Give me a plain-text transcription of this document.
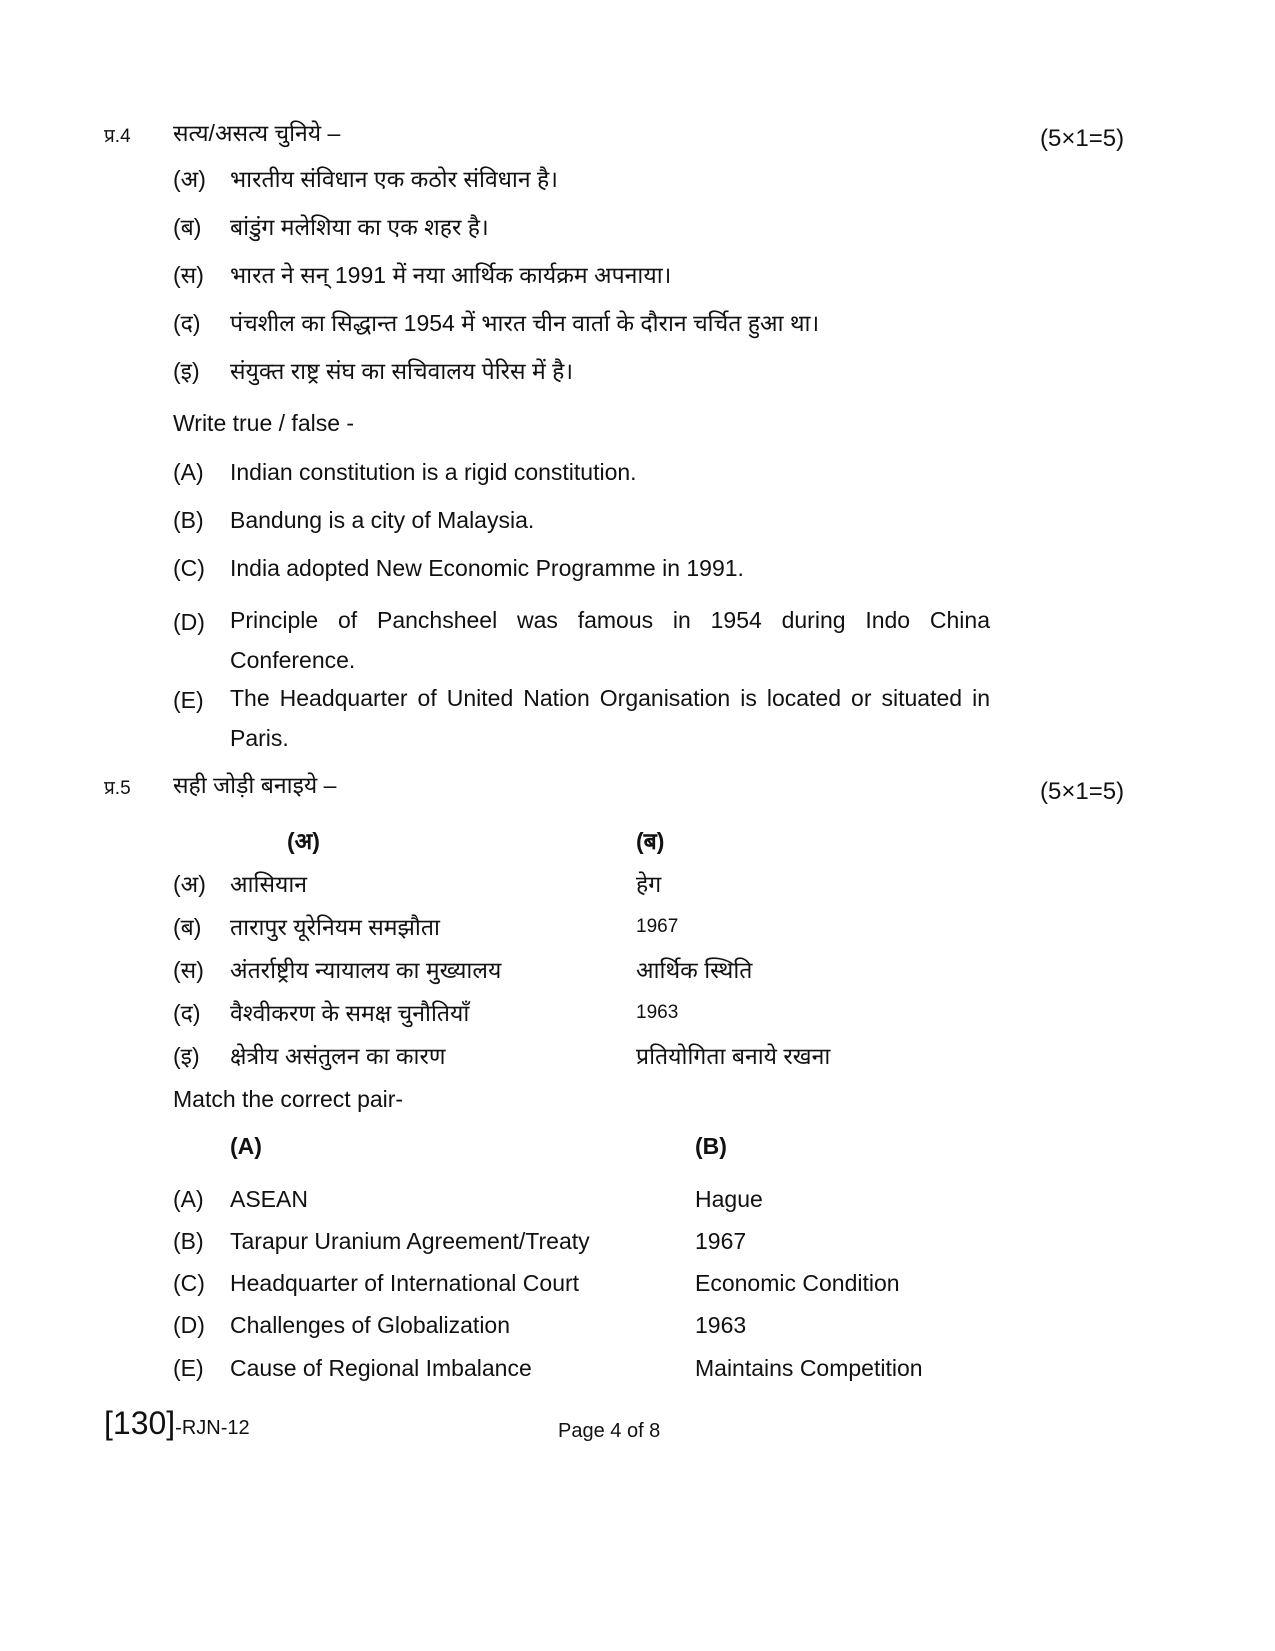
प्र.4 सत्य/असत्य चुनिये –	(5×1=5)
(अ) भारतीय संविधान एक कठोर संविधान है।
(ब) बांडुंग मलेशिया का एक शहर है।
(स) भारत ने सन् 1991 में नया आर्थिक कार्यक्रम अपनाया।
(द) पंचशील का सिद्धान्त 1954 में भारत चीन वार्ता के दौरान चर्चित हुआ था।
(इ) संयुक्त राष्ट्र संघ का सचिवालय पेरिस में है।
Write true / false -
(A) Indian constitution is a rigid constitution.
(B) Bandung is a city of Malaysia.
(C) India adopted New Economic Programme in 1991.
(D) Principle of Panchsheel was famous in 1954 during Indo China Conference.
(E) The Headquarter of United Nation Organisation is located or situated in Paris.
प्र.5 सही जोड़ी बनाइये –	(5×1=5)
(अ)	(ब)
(अ) आसियान	हेग
(ब) तारापुर यूरेनियम समझौता	1967
(स) अंतर्राष्ट्रीय न्यायालय का मुख्यालय	आर्थिक स्थिति
(द) वैश्वीकरण के समक्ष चुनौतियाँ	1963
(इ) क्षेत्रीय असंतुलन का कारण	प्रतियोगिता बनाये रखना
Match the correct pair-
(A)	(B)
(A) ASEAN	Hague
(B) Tarapur Uranium Agreement/Treaty	1967
(C) Headquarter of International Court	Economic Condition
(D) Challenges of Globalization	1963
(E) Cause of Regional Imbalance	Maintains Competition
[130]-RJN-12	Page 4 of 8
